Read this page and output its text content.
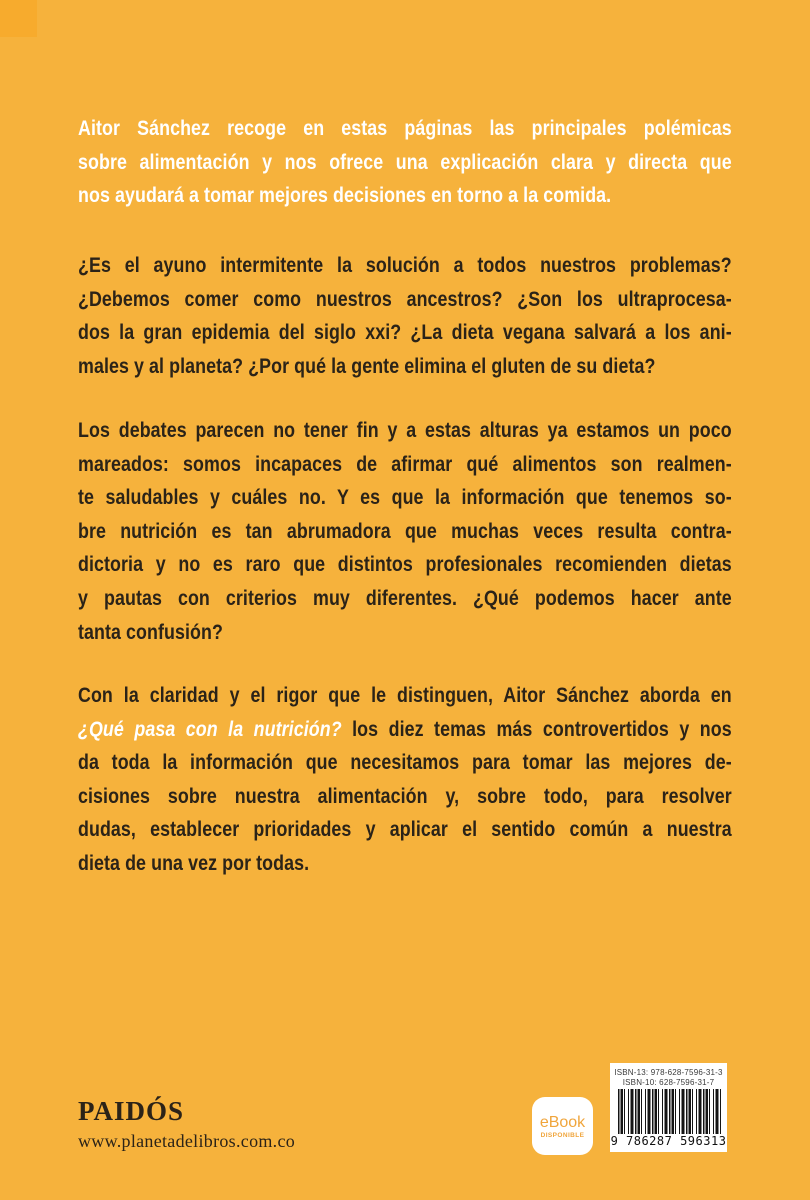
Aitor Sánchez recoge en estas páginas las principales polémicas
sobre alimentación y nos ofrece una explicación clara y directa que
nos ayudará a tomar mejores decisiones en torno a la comida.
¿Es el ayuno intermitente la solución a todos nuestros problemas?
¿Debemos comer como nuestros ancestros? ¿Son los ultraprocesa-
dos la gran epidemia del siglo xxi? ¿La dieta vegana salvará a los ani-
males y al planeta? ¿Por qué la gente elimina el gluten de su dieta?
Los debates parecen no tener fin y a estas alturas ya estamos un poco
mareados: somos incapaces de afirmar qué alimentos son realmen-
te saludables y cuáles no. Y es que la información que tenemos so-
bre nutrición es tan abrumadora que muchas veces resulta contra-
dictoria y no es raro que distintos profesionales recomienden dietas
y pautas con criterios muy diferentes. ¿Qué podemos hacer ante
tanta confusión?
Con la claridad y el rigor que le distinguen, Aitor Sánchez aborda en
¿Qué pasa con la nutrición? los diez temas más controvertidos y nos
da toda la información que necesitamos para tomar las mejores de-
cisiones sobre nuestra alimentación y, sobre todo, para resolver
dudas, establecer prioridades y aplicar el sentido común a nuestra
dieta de una vez por todas.
PAIDÓS
www.planetadelibros.com.co
eBook
DISPONIBLE
ISBN-13: 978-628-7596-31-3
ISBN-10: 628-7596-31-7
9 786287 596313
